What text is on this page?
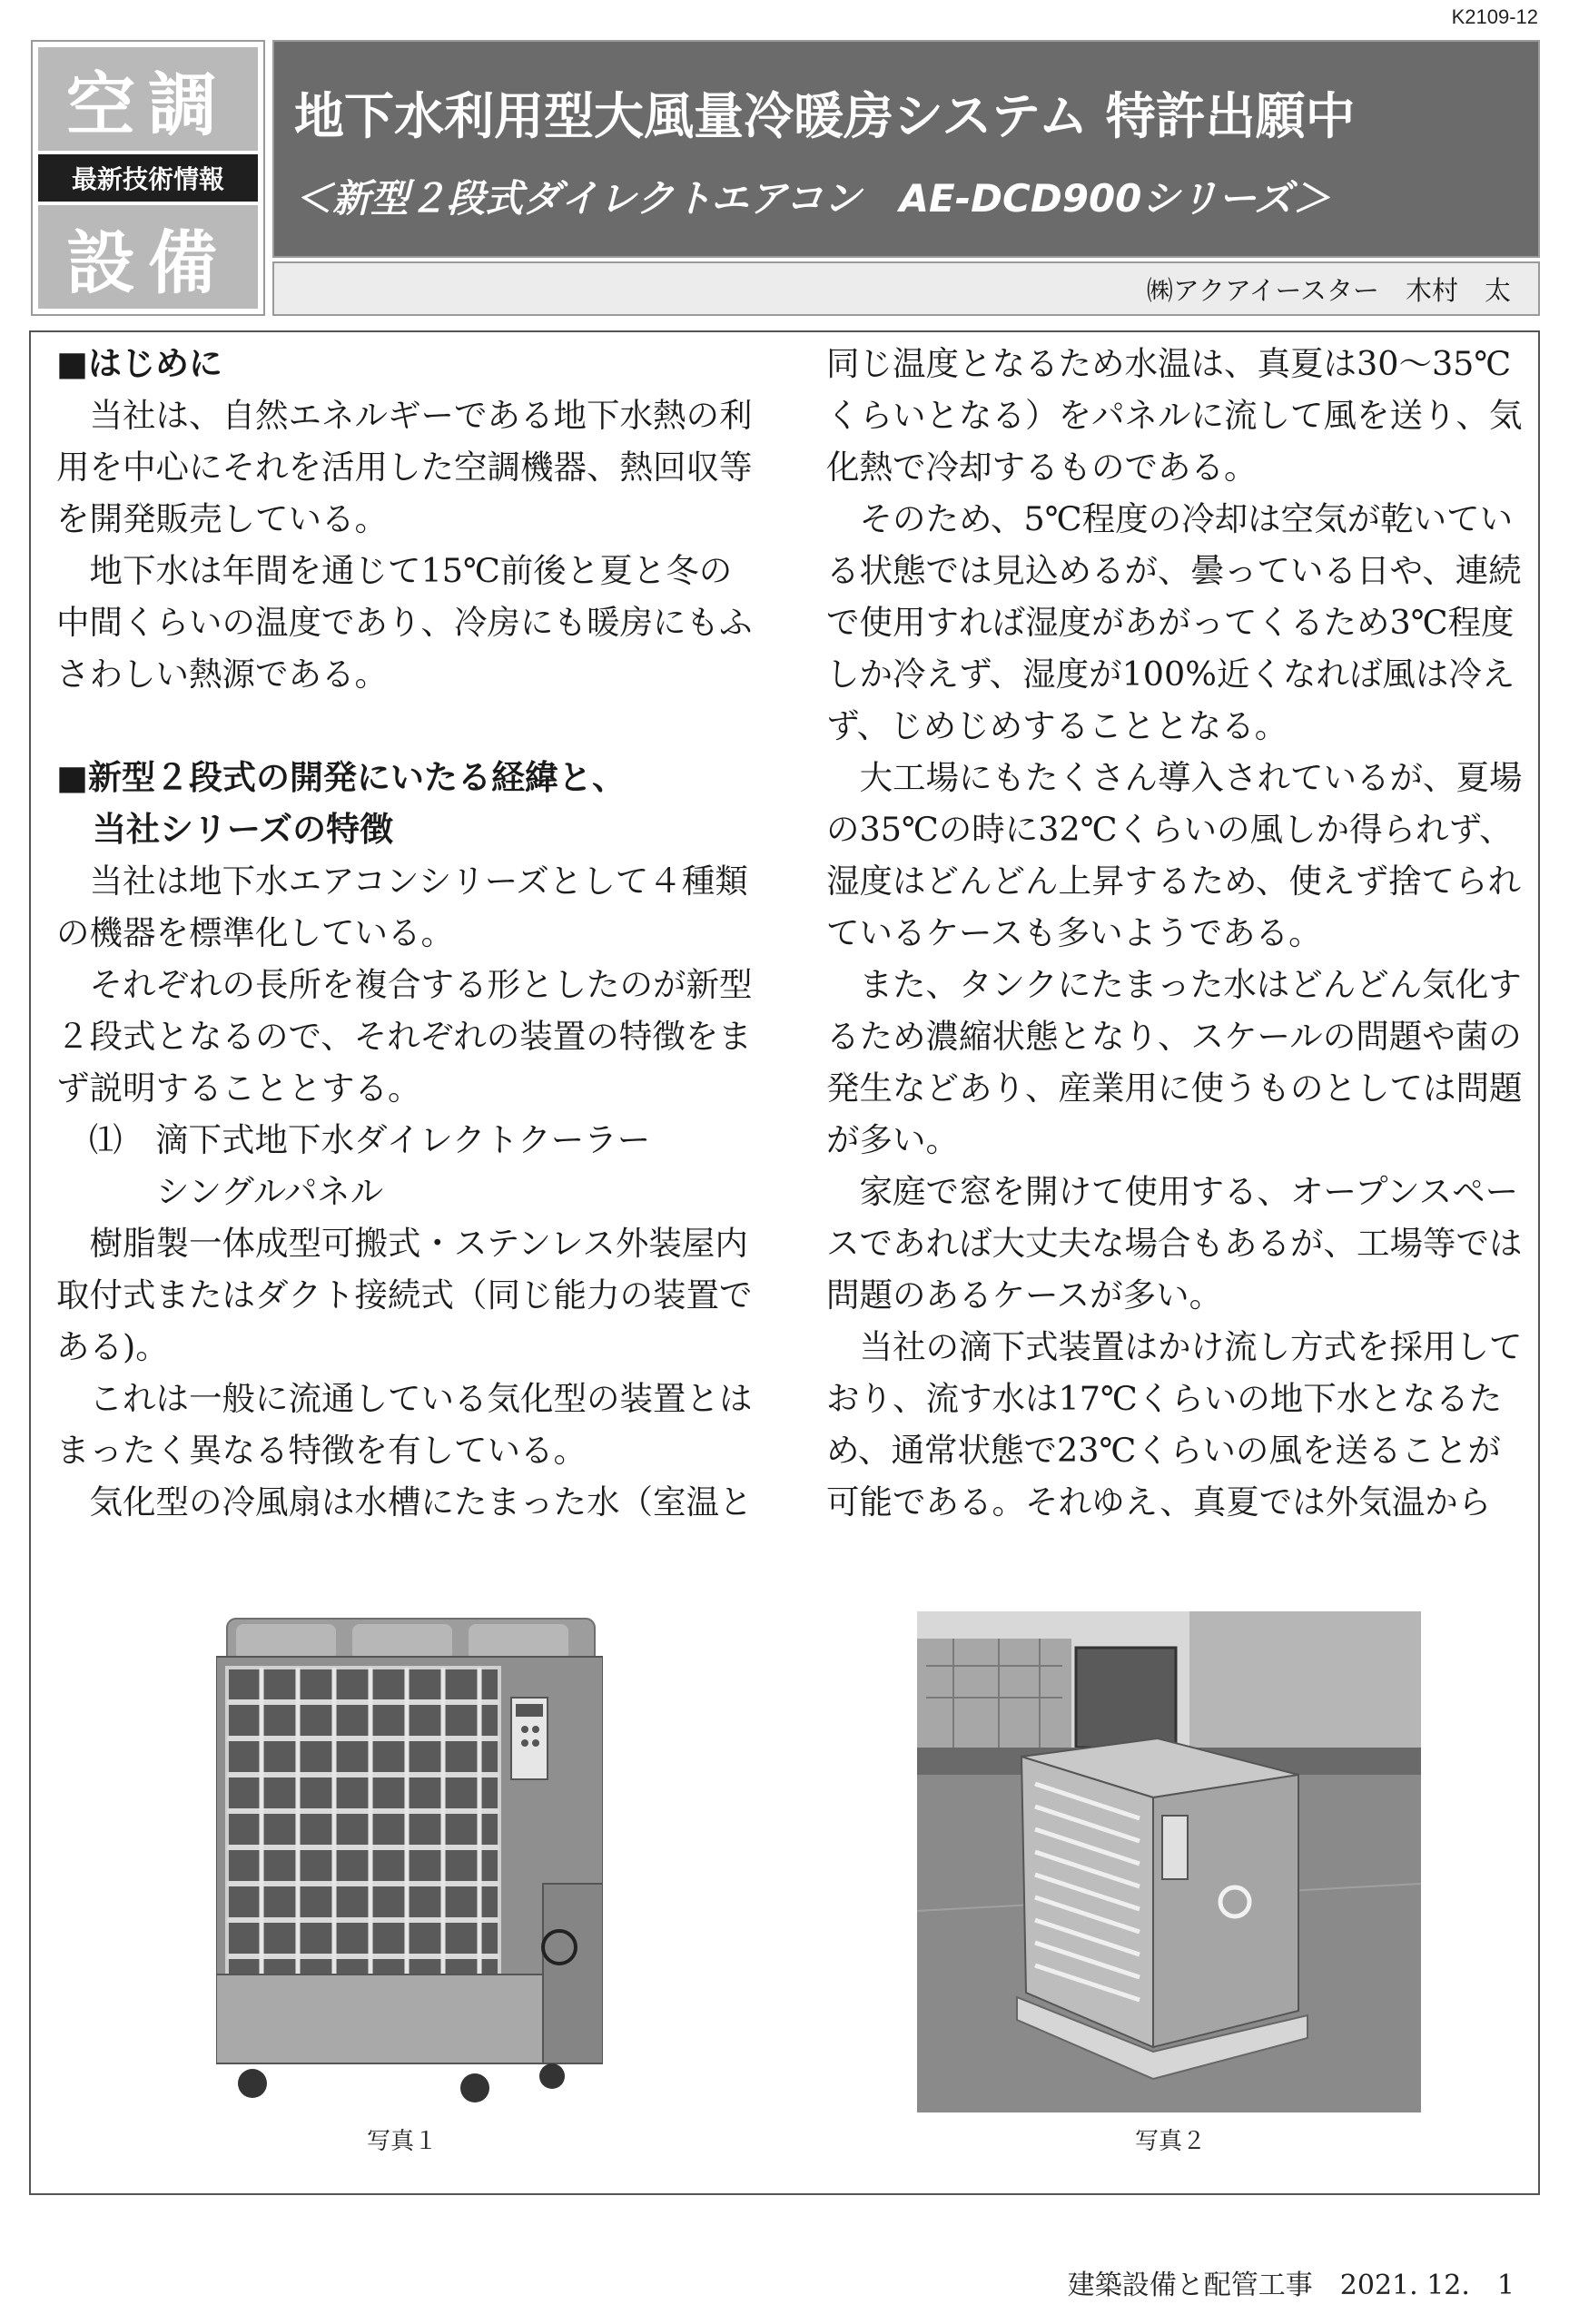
K2109-12
空調
最新技術情報
設備
地下水利用型大風量冷暖房システム 特許出願中
＜新型２段式ダイレクトエアコン　AE-DCD900シリーズ＞
㈱アクアイースター　木村　太
■はじめに
当社は、自然エネルギーである地下水熱の利
用を中心にそれを活用した空調機器、熱回収等
を開発販売している。
地下水は年間を通じて15℃前後と夏と冬の
中間くらいの温度であり、冷房にも暖房にもふ
さわしい熱源である。
■新型２段式の開発にいたる経緯と、
当社シリーズの特徴
当社は地下水エアコンシリーズとして４種類
の機器を標準化している。
それぞれの長所を複合する形としたのが新型
２段式となるので、それぞれの装置の特徴をま
ず説明することとする。
⑴　滴下式地下水ダイレクトクーラー
シングルパネル
樹脂製一体成型可搬式・ステンレス外装屋内
取付式またはダクト接続式（同じ能力の装置で
ある)。
これは一般に流通している気化型の装置とは
まったく異なる特徴を有している。
気化型の冷風扇は水槽にたまった水（室温と
同じ温度となるため水温は、真夏は30～35℃
くらいとなる）をパネルに流して風を送り、気
化熱で冷却するものである。
そのため、5℃程度の冷却は空気が乾いてい
る状態では見込めるが、曇っている日や、連続
で使用すれば湿度があがってくるため3℃程度
しか冷えず、湿度が100%近くなれば風は冷え
ず、じめじめすることとなる。
大工場にもたくさん導入されているが、夏場
の35℃の時に32℃くらいの風しか得られず、
湿度はどんどん上昇するため、使えず捨てられ
ているケースも多いようである。
また、タンクにたまった水はどんどん気化す
るため濃縮状態となり、スケールの問題や菌の
発生などあり、産業用に使うものとしては問題
が多い。
家庭で窓を開けて使用する、オープンスペー
スであれば大丈夫な場合もあるが、工場等では
問題のあるケースが多い。
当社の滴下式装置はかけ流し方式を採用して
おり、流す水は17℃くらいの地下水となるた
め、通常状態で23℃くらいの風を送ることが
可能である。それゆえ、真夏では外気温から
写真１	写真２
建築設備と配管工事　2021. 12.　1
